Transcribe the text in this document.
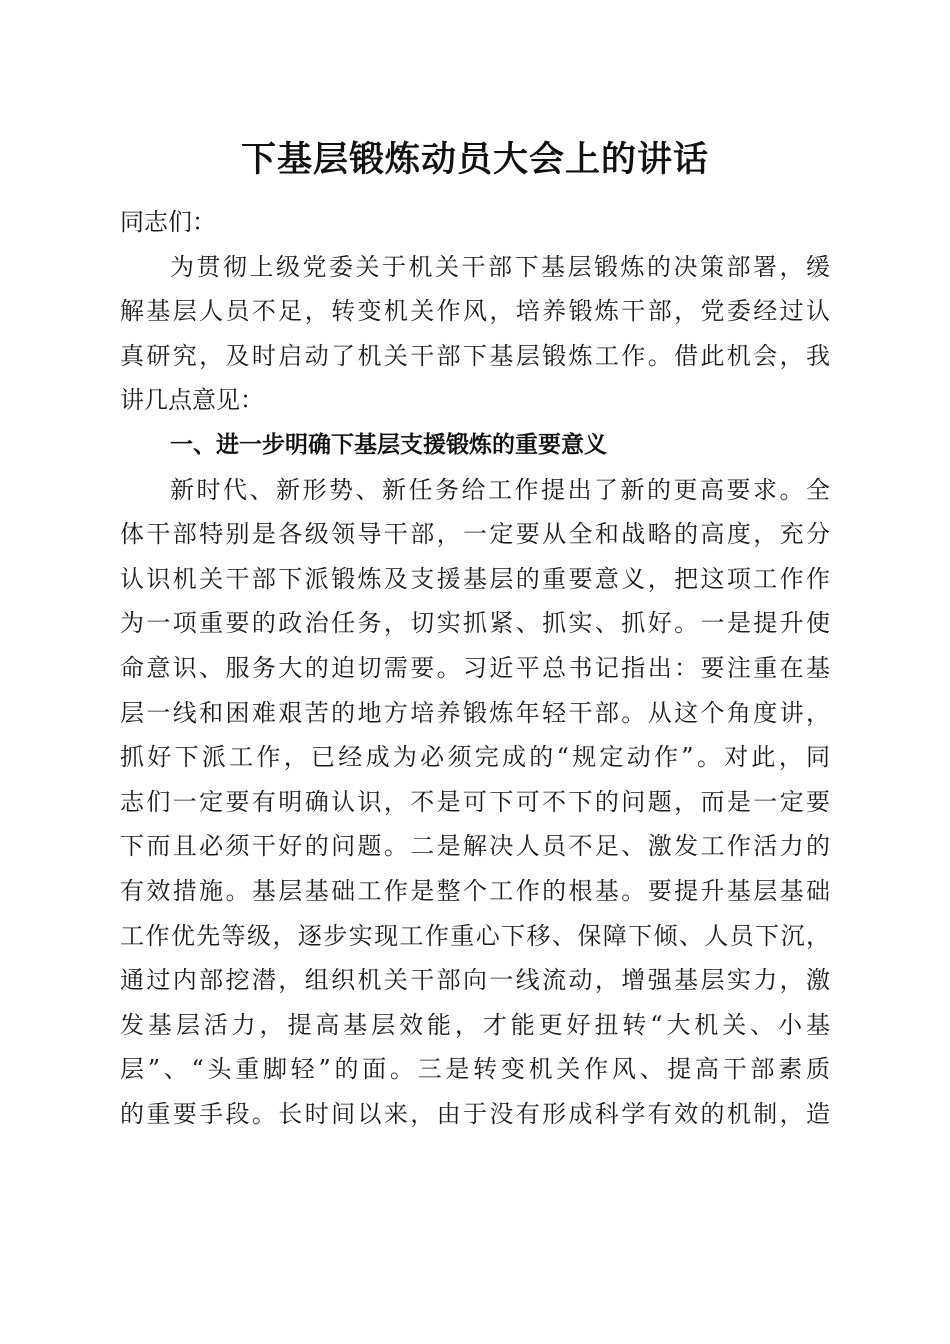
下基层锻炼动员大会上的讲话
同志们：
为贯彻上级党委关于机关干部下基层锻炼的决策部署，缓
解基层人员不足，转变机关作风，培养锻炼干部，党委经过认
真研究，及时启动了机关干部下基层锻炼工作。借此机会，我
讲几点意见：
一、进一步明确下基层支援锻炼的重要意义
新时代、新形势、新任务给工作提出了新的更高要求。全
体干部特别是各级领导干部，一定要从全和战略的高度，充分
认识机关干部下派锻炼及支援基层的重要意义，把这项工作作
为一项重要的政治任务，切实抓紧、抓实、抓好。一是提升使
命意识、服务大的迫切需要。习近平总书记指出：要注重在基
层一线和困难艰苦的地方培养锻炼年轻干部。从这个角度讲，
抓好下派工作，已经成为必须完成的“规定动作”。对此，同
志们一定要有明确认识，不是可下可不下的问题，而是一定要
下而且必须干好的问题。二是解决人员不足、激发工作活力的
有效措施。基层基础工作是整个工作的根基。要提升基层基础
工作优先等级，逐步实现工作重心下移、保障下倾、人员下沉，
通过内部挖潜，组织机关干部向一线流动，增强基层实力，激
发基层活力，提高基层效能，才能更好扭转“大机关、小基
层”、“头重脚轻”的面。三是转变机关作风、提高干部素质
的重要手段。长时间以来，由于没有形成科学有效的机制，造
